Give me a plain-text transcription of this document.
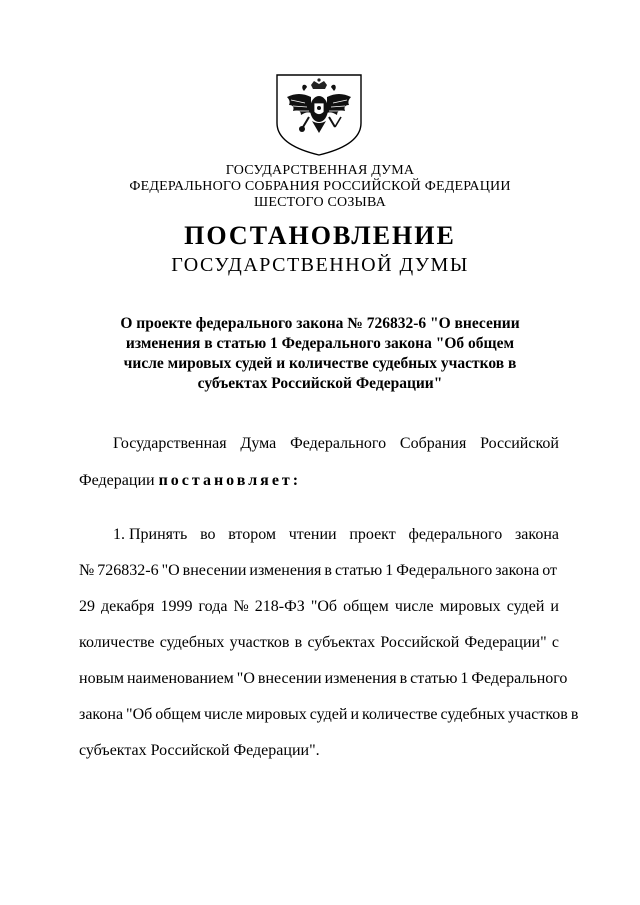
ГОСУДАРСТВЕННАЯ ДУМА
ФЕДЕРАЛЬНОГО СОБРАНИЯ РОССИЙСКОЙ ФЕДЕРАЦИИ
ШЕСТОГО СОЗЫВА
ПОСТАНОВЛЕНИЕ
ГОСУДАРСТВЕННОЙ ДУМЫ
О проекте федерального закона № 726832-6 "О внесении
изменения в статью 1 Федерального закона "Об общем
числе мировых судей и количестве судебных участков в
субъектах Российской Федерации"
Государственная Дума Федерального Собрания Российской
Федерации постановляет:
1. Принять во втором чтении проект федерального закона
№ 726832-6 "О внесении изменения в статью 1 Федерального закона от
29 декабря 1999 года № 218-ФЗ "Об общем числе мировых судей и
количестве судебных участков в субъектах Российской Федерации" с
новым наименованием "О внесении изменения в статью 1 Федерального
закона "Об общем числе мировых судей и количестве судебных участков в
субъектах Российской Федерации".
